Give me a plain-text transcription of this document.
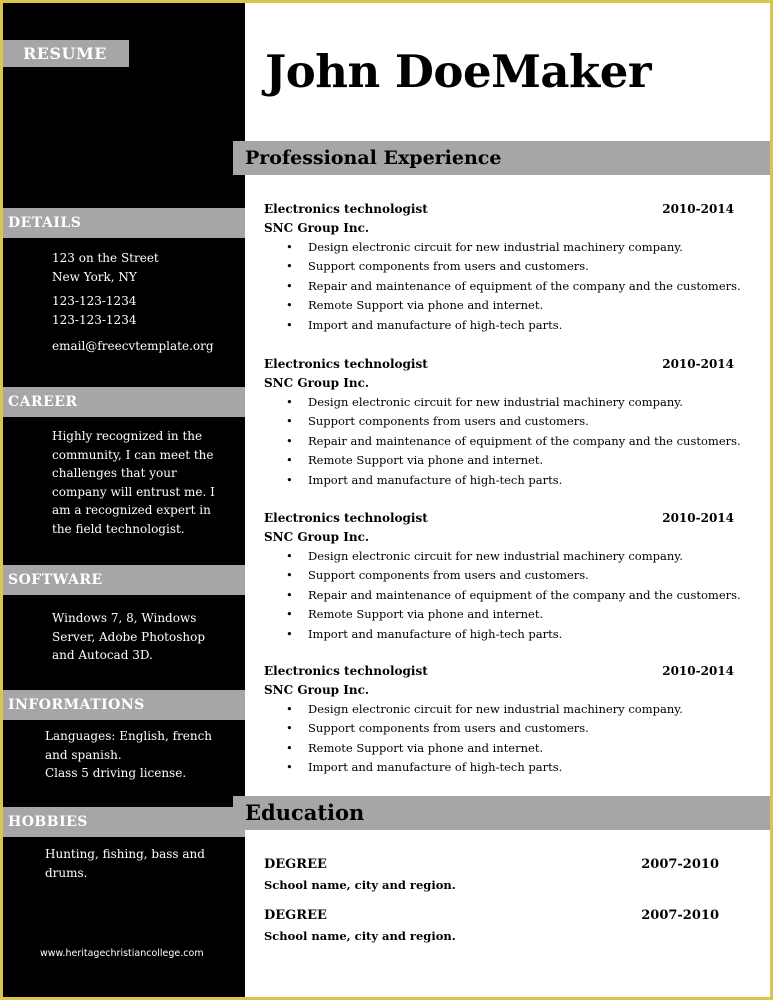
RESUME
DETAILS
123 on the Street
New York, NY
123-123-1234
123-123-1234
email@freecvtemplate.org
CAREER
Highly recognized in the
community, I can meet the
challenges that your
company will entrust me. I
am a recognized expert in
the field technologist.
SOFTWARE
Windows 7, 8, Windows
Server, Adobe Photoshop
and Autocad 3D.
INFORMATIONS
Languages: English, french
and spanish.
Class 5 driving license.
HOBBIES
Hunting, fishing, bass and
drums.
www.heritagechristiancollege.com
John DoeMaker
Professional Experience
Electronics technologist	2010-2014
SNC Group Inc.
• Design electronic circuit for new industrial machinery company.
• Support components from users and customers.
• Repair and maintenance of equipment of the company and the customers.
• Remote Support via phone and internet.
• Import and manufacture of high-tech parts.
Electronics technologist	2010-2014
SNC Group Inc.
• Design electronic circuit for new industrial machinery company.
• Support components from users and customers.
• Repair and maintenance of equipment of the company and the customers.
• Remote Support via phone and internet.
• Import and manufacture of high-tech parts.
Electronics technologist	2010-2014
SNC Group Inc.
• Design electronic circuit for new industrial machinery company.
• Support components from users and customers.
• Repair and maintenance of equipment of the company and the customers.
• Remote Support via phone and internet.
• Import and manufacture of high-tech parts.
Electronics technologist	2010-2014
SNC Group Inc.
• Design electronic circuit for new industrial machinery company.
• Support components from users and customers.
• Remote Support via phone and internet.
• Import and manufacture of high-tech parts.
Education
DEGREE	2007-2010
School name, city and region.
DEGREE	2007-2010
School name, city and region.
